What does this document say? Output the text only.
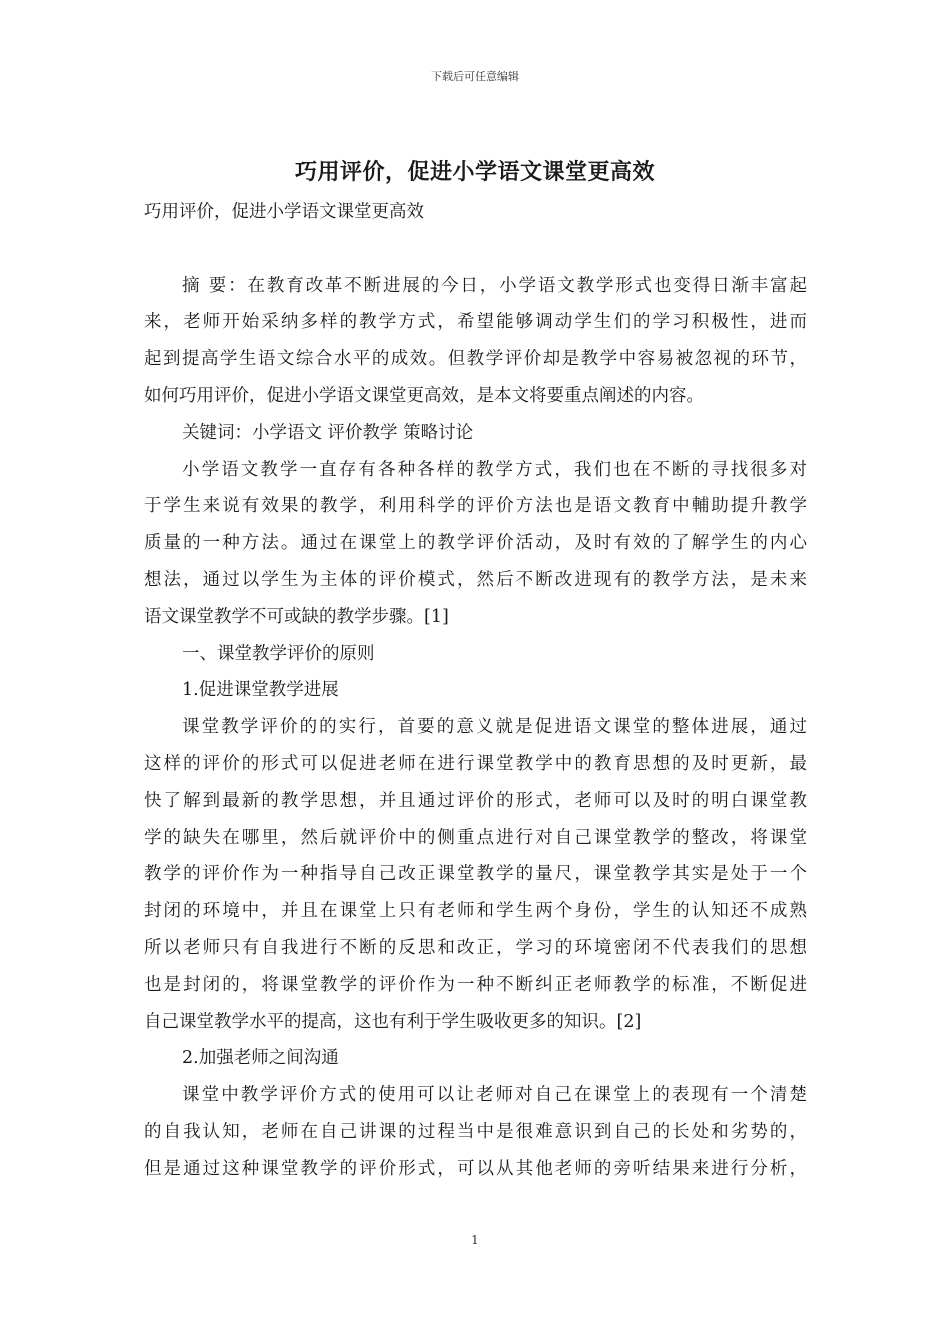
下载后可任意编辑
巧用评价，促进小学语文课堂更高效
巧用评价，促进小学语文课堂更高效
摘 要：在教育改革不断进展的今日，小学语文教学形式也变得日渐丰富起
来，老师开始采纳多样的教学方式，希望能够调动学生们的学习积极性，进而
起到提高学生语文综合水平的成效。但教学评价却是教学中容易被忽视的环节，
如何巧用评价，促进小学语文课堂更高效，是本文将要重点阐述的内容。
关键词：小学语文 评价教学 策略讨论
小学语文教学一直存有各种各样的教学方式，我们也在不断的寻找很多对
于学生来说有效果的教学，利用科学的评价方法也是语文教育中輔助提升教学
质量的一种方法。通过在课堂上的教学评价活动，及时有效的了解学生的内心
想法，通过以学生为主体的评价模式，然后不断改进现有的教学方法，是未来
语文课堂教学不可或缺的教学步骤。[1]
一、课堂教学评价的原则
1.促进课堂教学进展
课堂教学评价的的实行，首要的意义就是促进语文课堂的整体进展，通过
这样的评价的形式可以促进老师在进行课堂教学中的教育思想的及时更新，最
快了解到最新的教学思想，并且通过评价的形式，老师可以及时的明白课堂教
学的缺失在哪里，然后就评价中的侧重点进行对自己课堂教学的整改，将课堂
教学的评价作为一种指导自己改正课堂教学的量尺，课堂教学其实是处于一个
封闭的环境中，并且在课堂上只有老师和学生两个身份，学生的认知还不成熟
所以老师只有自我进行不断的反思和改正，学习的环境密闭不代表我们的思想
也是封闭的，将课堂教学的评价作为一种不断纠正老师教学的标准，不断促进
自己课堂教学水平的提高，这也有利于学生吸收更多的知识。[2]
2.加强老师之间沟通
课堂中教学评价方式的使用可以让老师对自己在课堂上的表现有一个清楚
的自我认知，老师在自己讲课的过程当中是很难意识到自己的长处和劣势的，
但是通过这种课堂教学的评价形式，可以从其他老师的旁听结果来进行分析，
1
